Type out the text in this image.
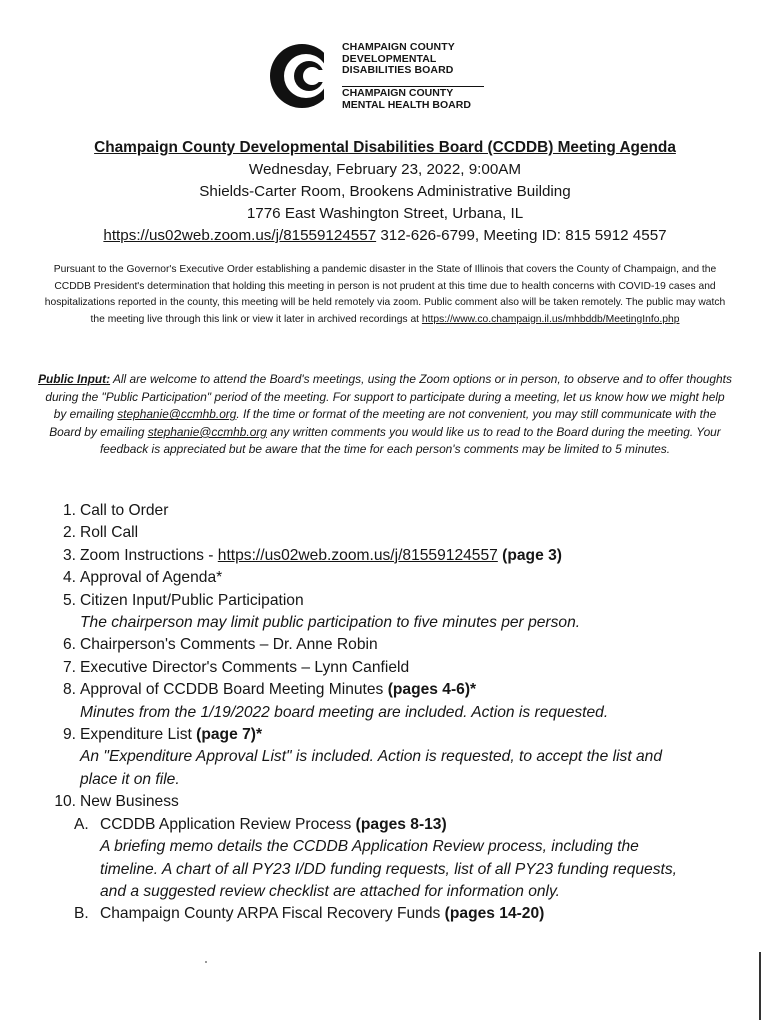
CHAMPAIGN COUNTY
DEVELOPMENTAL
DISABILITIES BOARD
CHAMPAIGN COUNTY
MENTAL HEALTH BOARD
Champaign County Developmental Disabilities Board (CCDDB) Meeting Agenda
Wednesday, February 23, 2022, 9:00AM
Shields-Carter Room, Brookens Administrative Building
1776 East Washington Street, Urbana, IL
https://us02web.zoom.us/j/81559124557 312-626-6799, Meeting ID: 815 5912 4557
Pursuant to the Governor's Executive Order establishing a pandemic disaster in the State of Illinois that covers the County of Champaign, and the CCDDB President's determination that holding this meeting in person is not prudent at this time due to health concerns with COVID-19 cases and hospitalizations reported in the county, this meeting will be held remotely via zoom. Public comment also will be taken remotely. The public may watch the meeting live through this link or view it later in archived recordings at https://www.co.champaign.il.us/mhbddb/MeetingInfo.php
Public Input: All are welcome to attend the Board's meetings, using the Zoom options or in person, to observe and to offer thoughts during the "Public Participation" period of the meeting. For support to participate during a meeting, let us know how we might help by emailing stephanie@ccmhb.org. If the time or format of the meeting are not convenient, you may still communicate with the Board by emailing stephanie@ccmhb.org any written comments you would like us to read to the Board during the meeting. Your feedback is appreciated but be aware that the time for each person's comments may be limited to 5 minutes.
1. Call to Order
2. Roll Call
3. Zoom Instructions - https://us02web.zoom.us/j/81559124557 (page 3)
4. Approval of Agenda*
5. Citizen Input/Public Participation
The chairperson may limit public participation to five minutes per person.
6. Chairperson's Comments – Dr. Anne Robin
7. Executive Director's Comments – Lynn Canfield
8. Approval of CCDDB Board Meeting Minutes (pages 4-6)*
Minutes from the 1/19/2022 board meeting are included. Action is requested.
9. Expenditure List (page 7)*
An "Expenditure Approval List" is included. Action is requested, to accept the list and
place it on file.
10. New Business
A. CCDDB Application Review Process (pages 8-13)
A briefing memo details the CCDDB Application Review process, including the
timeline. A chart of all PY23 I/DD funding requests, list of all PY23 funding requests,
and a suggested review checklist are attached for information only.
B. Champaign County ARPA Fiscal Recovery Funds (pages 14-20)
